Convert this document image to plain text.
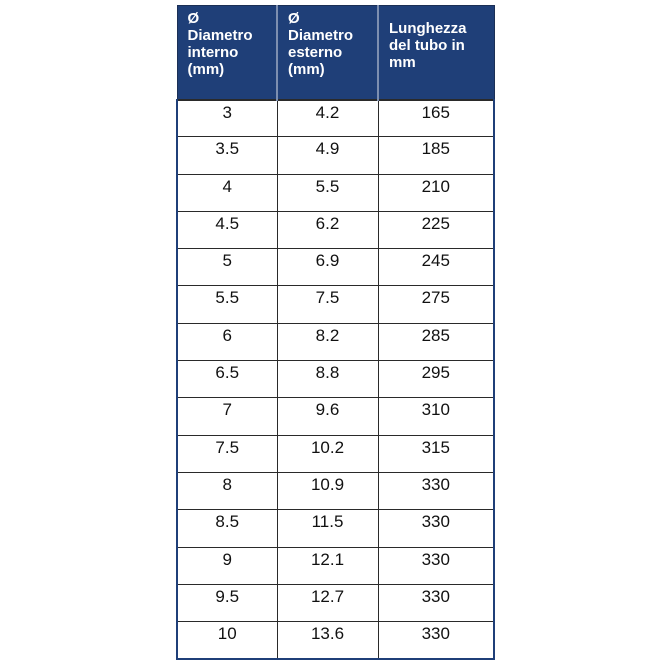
Ø
Diametro
interno
(mm)	Ø
Diametro
esterno
(mm)	Lunghezza
del tubo in
mm

3	4.2	165
3.5	4.9	185
4	5.5	210
4.5	6.2	225
5	6.9	245
5.5	7.5	275
6	8.2	285
6.5	8.8	295
7	9.6	310
7.5	10.2	315
8	10.9	330
8.5	11.5	330
9	12.1	330
9.5	12.7	330
10	13.6	330
